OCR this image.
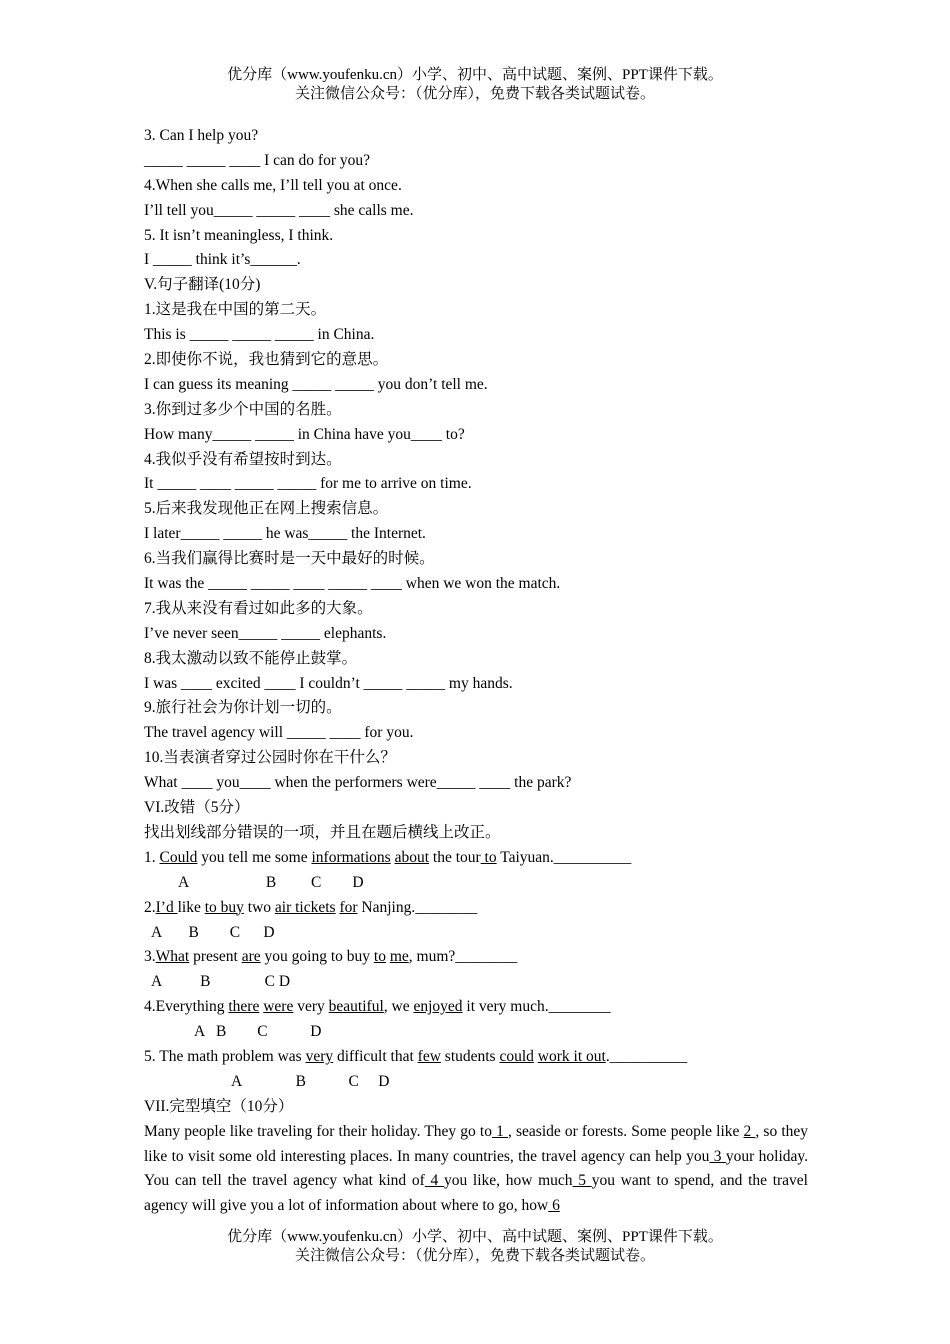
优分库（www.youfenku.cn）小学、初中、高中试题、案例、PPT课件下载。
关注微信公众号：（优分库），免费下载各类试题试卷。
3. Can I help you?
_____ _____ ____ I can do for you?
4.When she calls me, I’ll tell you at once.
I’ll tell you_____ _____ ____ she calls me.
5. It isn’t meaningless, I think.
I _____ think it’s______.
V.句子翻译(10分)
1.这是我在中国的第二天。
This is _____ _____ _____ in China.
2.即使你不说，我也猜到它的意思。
I can guess its meaning _____ _____ you don’t tell me.
3.你到过多少个中国的名胜。
How many_____ _____ in China have you____ to?
4.我似乎没有希望按时到达。
It _____ ____ _____ _____ for me to arrive on time.
5.后来我发现他正在网上搜索信息。
I later_____ _____ he was_____ the Internet.
6.当我们赢得比赛时是一天中最好的时候。
It was the _____ _____ ____ _____ ____ when we won the match.
7.我从来没有看过如此多的大象。
I’ve never seen_____ _____ elephants.
8.我太激动以致不能停止鼓掌。
I was ____ excited ____ I couldn’t _____ _____ my hands.
9.旅行社会为你计划一切的。
The travel agency will _____ ____ for you.
10.当表演者穿过公园时你在干什么？
What ____ you____ when the performers were_____ ____ the park?
VI.改错（5分）
找出划线部分错误的一项，并且在题后横线上改正。
1. Could you tell me some informations about the tour to Taiyuan.__________
A                    B         C        D
2.I’d like to buy two air tickets for Nanjing.________
A       B        C      D
3.What present are you going to buy to me, mum?________
A          B              C D
4.Everything there were very beautiful, we enjoyed it very much.________
A   B        C           D
5. The math problem was very difficult that few students could work it out.__________
A              B           C     D
VII.完型填空（10分）
Many people like traveling for their holiday. They go to 1 , seaside or forests. Some people like 2 , so they like to visit some old interesting places. In many countries, the travel agency can help you 3 your holiday. You can tell the travel agency what kind of 4 you like, how much 5 you want to spend, and the travel agency will give you a lot of information about where to go, how 6
优分库（www.youfenku.cn）小学、初中、高中试题、案例、PPT课件下载。
关注微信公众号：（优分库），免费下载各类试题试卷。
